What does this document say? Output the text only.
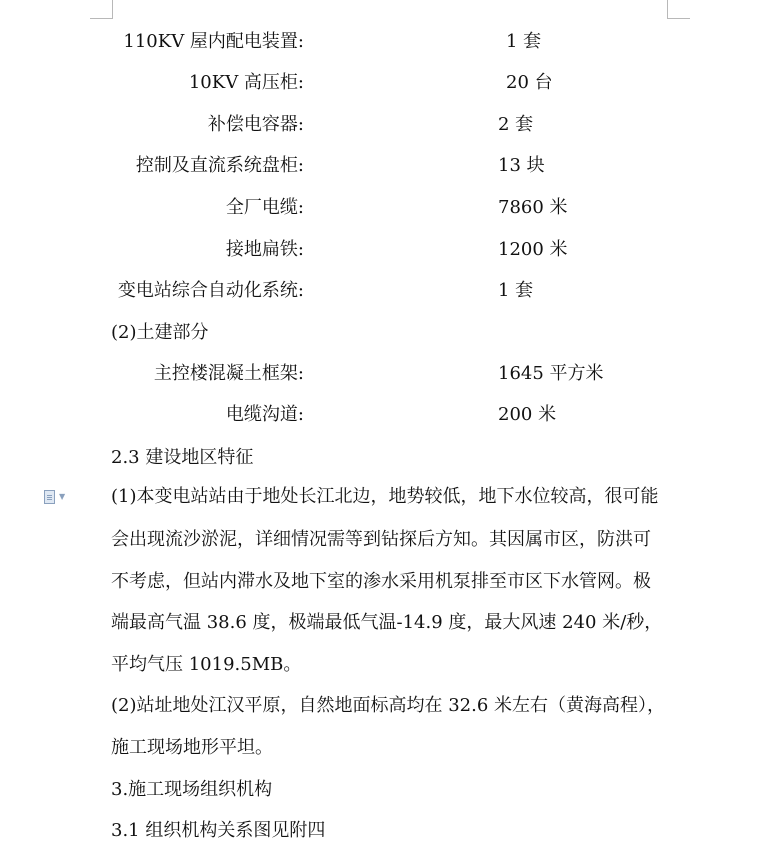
110KV 屋内配电装置:	1 套
10KV 高压柜:	20 台
补偿电容器:	2 套
控制及直流系统盘柜:	13 块
全厂电缆:	7860 米
接地扁铁:	1200 米
变电站综合自动化系统:	1 套
(2)土建部分
主控楼混凝土框架:	1645 平方米
电缆沟道:	200 米
2.3 建设地区特征
▼	(1)本变电站站由于地处长江北边，地势较低，地下水位较高，很可能
会出现流沙淤泥，详细情况需等到钻探后方知。其因属市区，防洪可
不考虑，但站内滞水及地下室的渗水采用机泵排至市区下水管网。极
端最高气温 38.6 度，极端最低气温-14.9 度，最大风速 240 米/秒，
平均气压 1019.5MB。
(2)站址地处江汉平原，自然地面标高均在 32.6 米左右（黄海高程），
施工现场地形平坦。
3.施工现场组织机构
3.1 组织机构关系图见附四
